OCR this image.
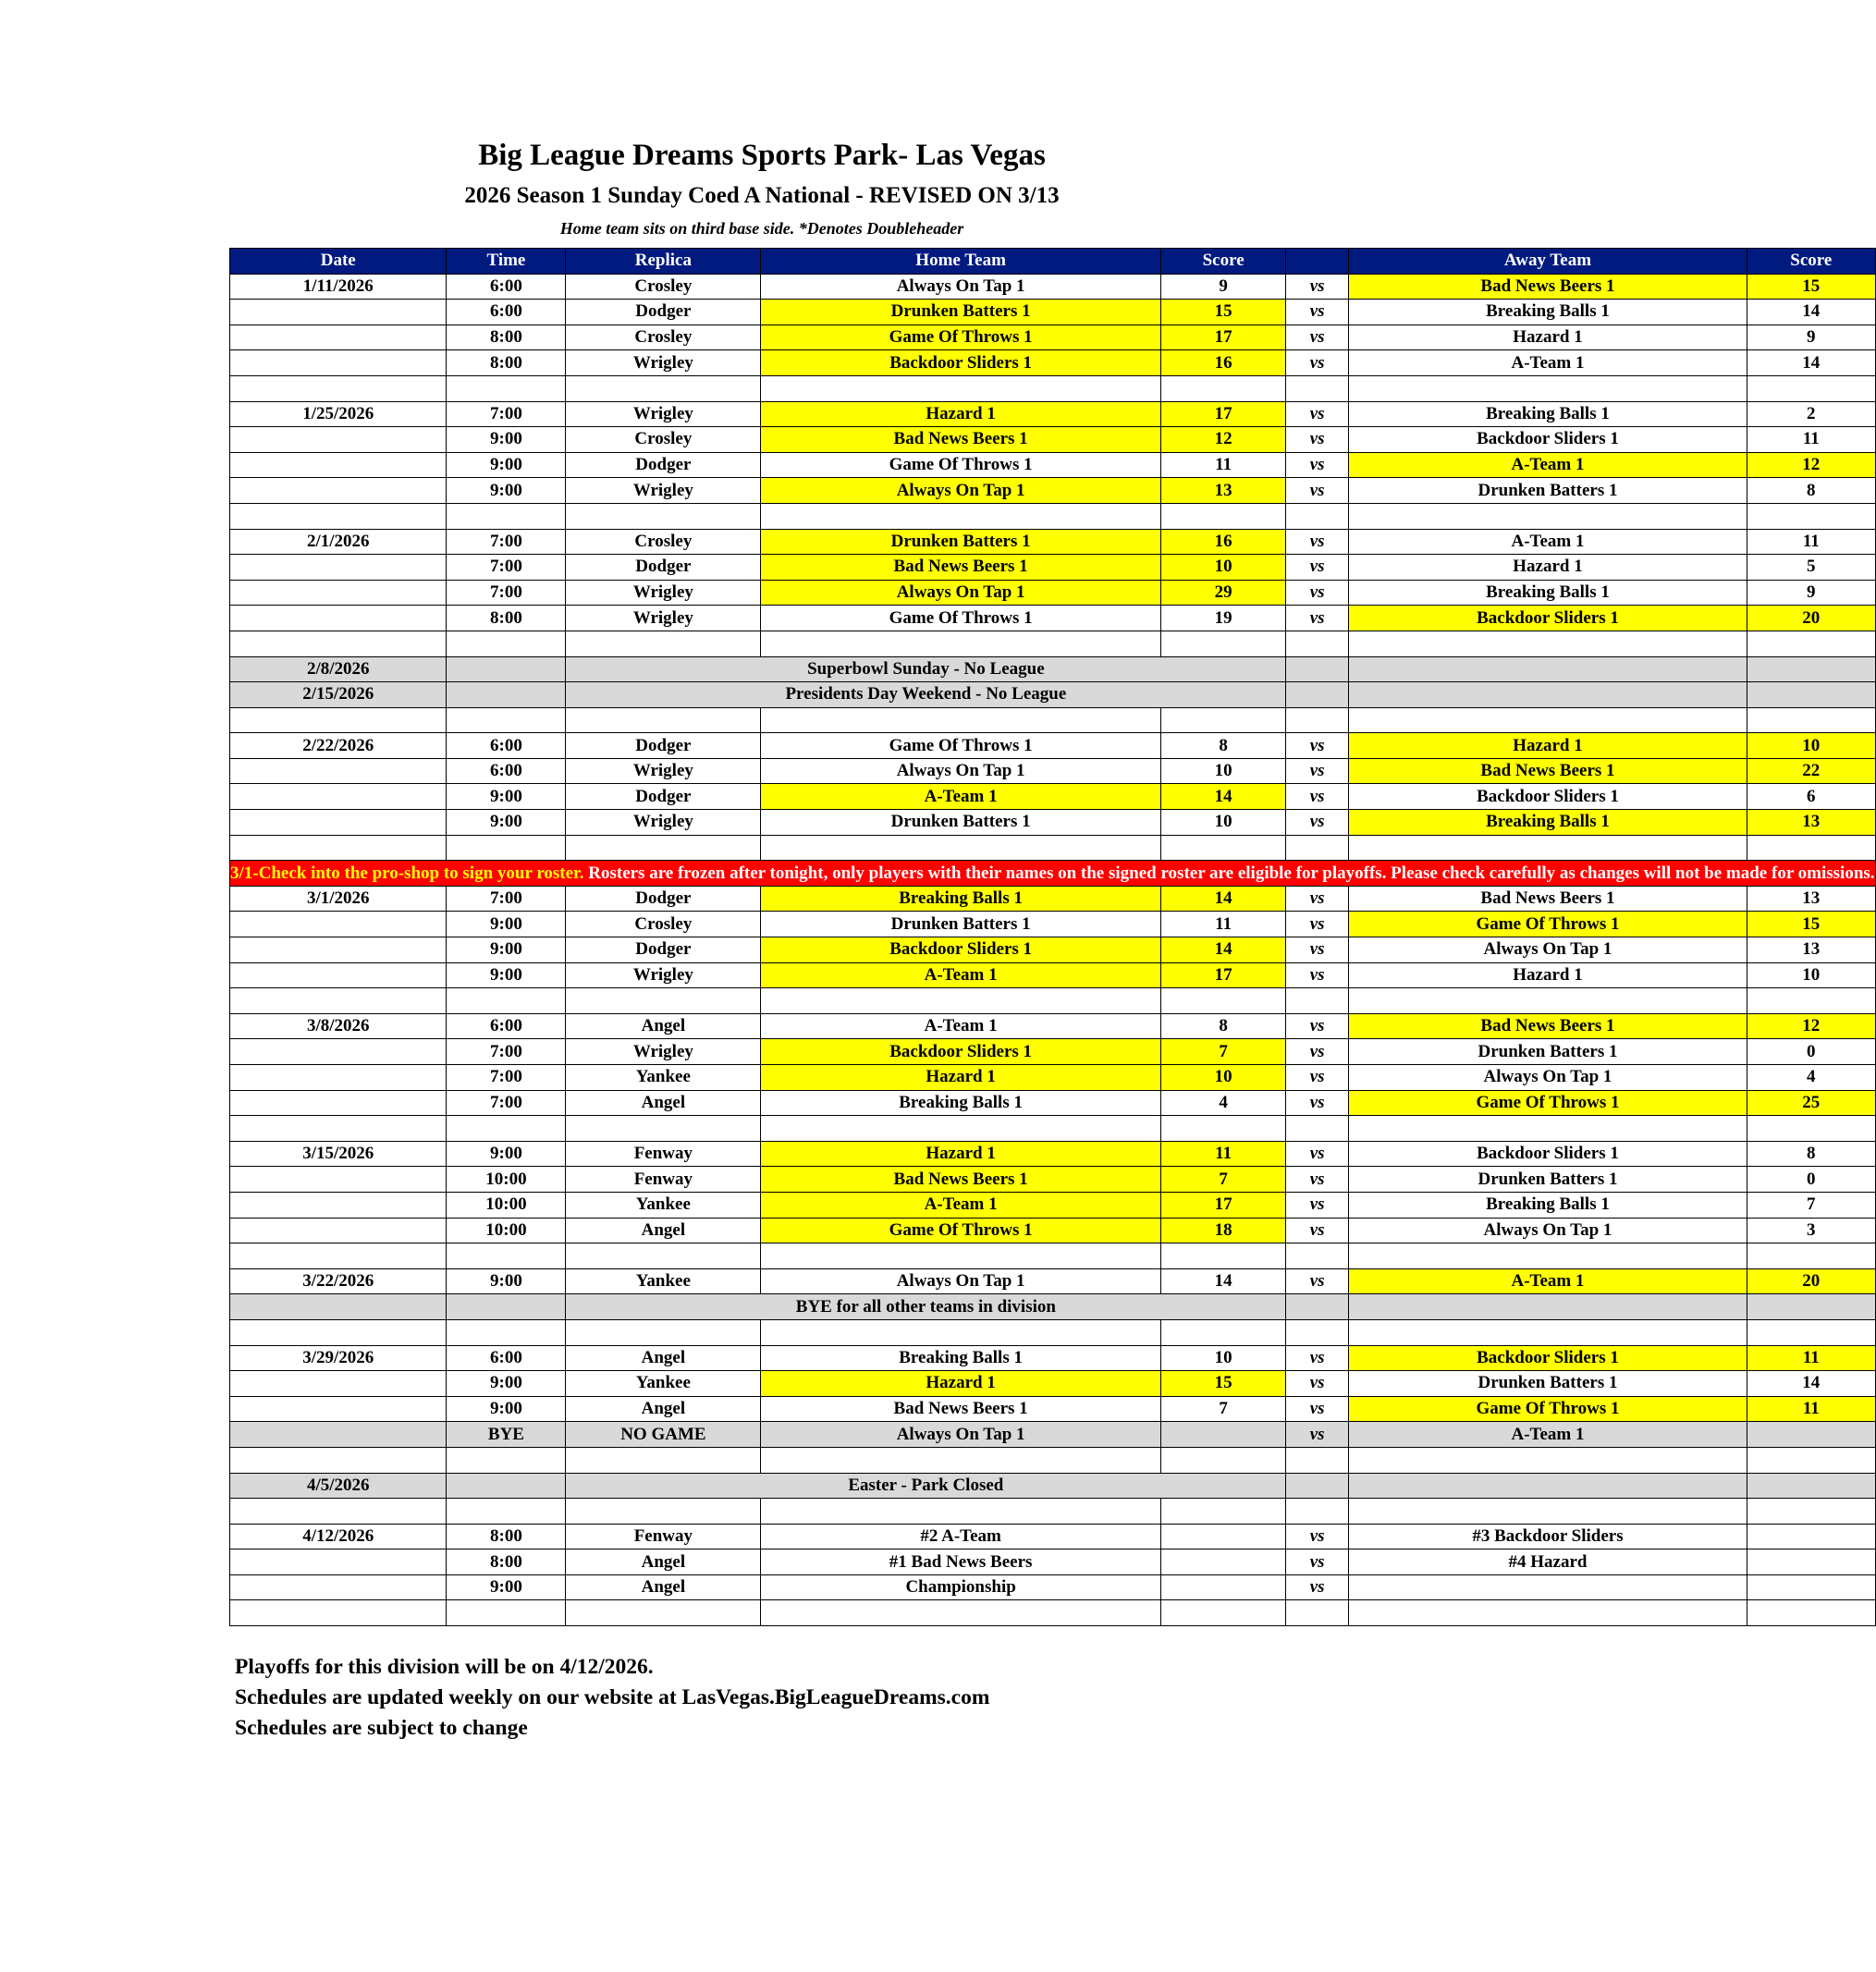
Big League Dreams Sports Park- Las Vegas
2026 Season 1 Sunday Coed A National - REVISED ON 3/13
Home team sits on third base side. *Denotes Doubleheader
Date	Time	Replica	Home Team	Score		Away Team	Score
1/11/2026	6:00	Crosley	Always On Tap 1	9	vs	Bad News Beers 1	15
	6:00	Dodger	Drunken Batters 1	15	vs	Breaking Balls 1	14
	8:00	Crosley	Game Of Throws 1	17	vs	Hazard 1	9
	8:00	Wrigley	Backdoor Sliders 1	16	vs	A-Team 1	14

1/25/2026	7:00	Wrigley	Hazard 1	17	vs	Breaking Balls 1	2
	9:00	Crosley	Bad News Beers 1	12	vs	Backdoor Sliders 1	11
	9:00	Dodger	Game Of Throws 1	11	vs	A-Team 1	12
	9:00	Wrigley	Always On Tap 1	13	vs	Drunken Batters 1	8

2/1/2026	7:00	Crosley	Drunken Batters 1	16	vs	A-Team 1	11
	7:00	Dodger	Bad News Beers 1	10	vs	Hazard 1	5
	7:00	Wrigley	Always On Tap 1	29	vs	Breaking Balls 1	9
	8:00	Wrigley	Game Of Throws 1	19	vs	Backdoor Sliders 1	20

2/8/2026		Superbowl Sunday - No League					
2/15/2026		Presidents Day Weekend - No League					

2/22/2026	6:00	Dodger	Game Of Throws 1	8	vs	Hazard 1	10
	6:00	Wrigley	Always On Tap 1	10	vs	Bad News Beers 1	22
	9:00	Dodger	A-Team 1	14	vs	Backdoor Sliders 1	6
	9:00	Wrigley	Drunken Batters 1	10	vs	Breaking Balls 1	13

3/1-Check into the pro-shop to sign your roster. Rosters are frozen after tonight, only players with their names on the signed roster are eligible for playoffs. Please check carefully as changes will not be made for omissions.							
3/1/2026	7:00	Dodger	Breaking Balls 1	14	vs	Bad News Beers 1	13
	9:00	Crosley	Drunken Batters 1	11	vs	Game Of Throws 1	15
	9:00	Dodger	Backdoor Sliders 1	14	vs	Always On Tap 1	13
	9:00	Wrigley	A-Team 1	17	vs	Hazard 1	10

3/8/2026	6:00	Angel	A-Team 1	8	vs	Bad News Beers 1	12
	7:00	Wrigley	Backdoor Sliders 1	7	vs	Drunken Batters 1	0
	7:00	Yankee	Hazard 1	10	vs	Always On Tap 1	4
	7:00	Angel	Breaking Balls 1	4	vs	Game Of Throws 1	25

3/15/2026	9:00	Fenway	Hazard 1	11	vs	Backdoor Sliders 1	8
	10:00	Fenway	Bad News Beers 1	7	vs	Drunken Batters 1	0
	10:00	Yankee	A-Team 1	17	vs	Breaking Balls 1	7
	10:00	Angel	Game Of Throws 1	18	vs	Always On Tap 1	3

3/22/2026	9:00	Yankee	Always On Tap 1	14	vs	A-Team 1	20
		BYE for all other teams in division					

3/29/2026	6:00	Angel	Breaking Balls 1	10	vs	Backdoor Sliders 1	11
	9:00	Yankee	Hazard 1	15	vs	Drunken Batters 1	14
	9:00	Angel	Bad News Beers 1	7	vs	Game Of Throws 1	11
	BYE	NO GAME	Always On Tap 1		vs	A-Team 1	

4/5/2026		Easter - Park Closed					

4/12/2026	8:00	Fenway	#2 A-Team		vs	#3 Backdoor Sliders	
	8:00	Angel	#1 Bad News Beers		vs	#4 Hazard	
	9:00	Angel	Championship		vs		

Playoffs for this division will be on 4/12/2026.
Schedules are updated weekly on our website at LasVegas.BigLeagueDreams.com
Schedules are subject to change
